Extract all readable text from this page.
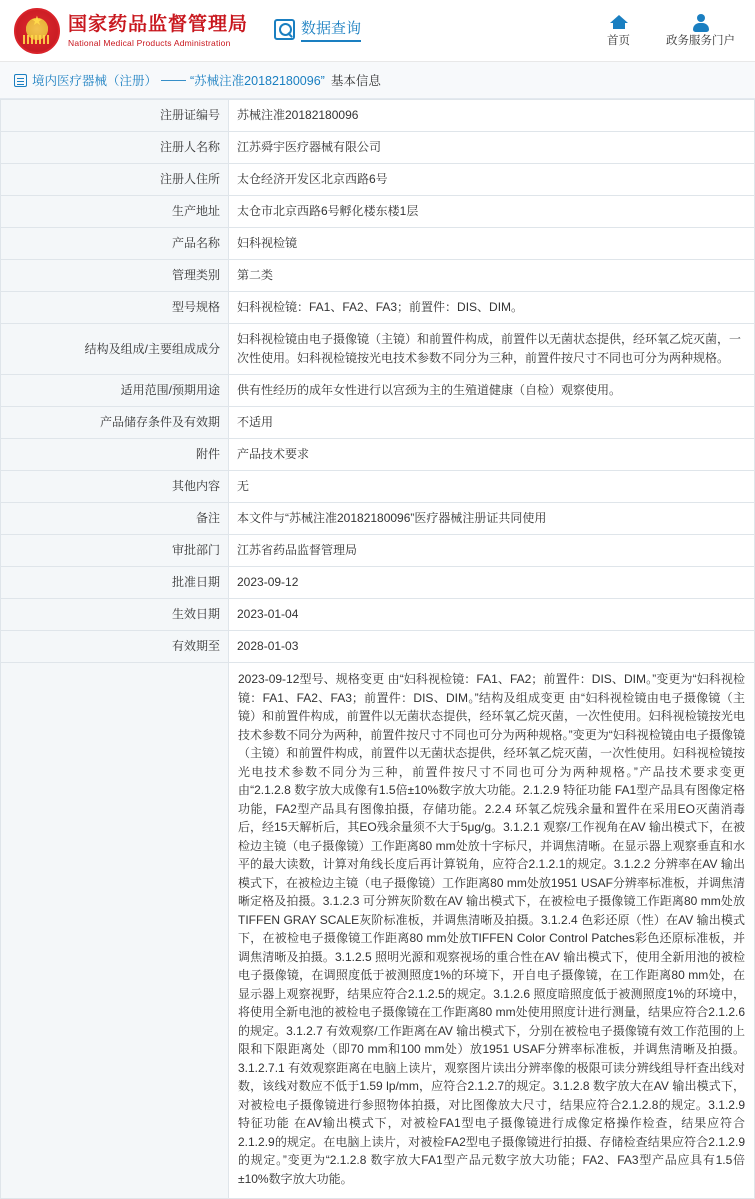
★
国家药品监督管理局
National Medical Products Administration
数据查询
首页	政务服务门户
境内医疗器械（注册） —— “苏械注准20182180096” 基本信息
注册证编号	苏械注准20182180096
注册人名称	江苏舜宇医疗器械有限公司
注册人住所	太仓经济开发区北京西路6号
生产地址	太仓市北京西路6号孵化楼东楼1层
产品名称	妇科视检镜
管理类别	第二类
型号规格	妇科视检镜：FA1、FA2、FA3；前置件：DIS、DIM。
结构及组成/主要组成成分	妇科视检镜由电子摄像镜（主镜）和前置件构成，前置件以无菌状态提供，经环氧乙烷灭菌，一次性使用。妇科视检镜按光电技术参数不同分为三种，前置件按尺寸不同也可分为两种规格。
适用范围/预期用途	供有性经历的成年女性进行以宫颈为主的生殖道健康（自检）观察使用。
产品储存条件及有效期	不适用
附件	产品技术要求
其他内容	无
备注	本文件与“苏械注准20182180096”医疗器械注册证共同使用
审批部门	江苏省药品监督管理局
批准日期	2023-09-12
生效日期	2023-01-04
有效期至	2028-01-03
	2023-09-12型号、规格变更 由“妇科视检镜：FA1、FA2；前置件：DIS、DIM。”变更为“妇科视检镜：FA1、FA2、FA3；前置件：DIS、DIM。”结构及组成变更 由“妇科视检镜由电子摄像镜（主镜）和前置件构成，前置件以无菌状态提供，经环氧乙烷灭菌，一次性使用。妇科视检镜按光电技术参数不同分为两种，前置件按尺寸不同也可分为两种规格。”变更为“妇科视检镜由电子摄像镜（主镜）和前置件构成，前置件以无菌状态提供，经环氧乙烷灭菌，一次性使用。妇科视检镜按光电技术参数不同分为三种，前置件按尺寸不同也可分为两种规格。”产品技术要求变更 由“2.1.2.8 数字放大成像有1.5倍±10%数字放大功能。2.1.2.9 特征功能 FA1型产品具有图像定格功能，FA2型产品具有图像拍摄，存储功能。2.2.4 环氧乙烷残余量和置件在采用EO灭菌消毒后，经15天解析后，其EO残余量须不大于5μg/g。3.1.2.1 观察/工作视角在AV 输出模式下，在被检边主镜（电子摄像镜）工作距离80 mm处放十字标尺，并调焦清晰。在显示器上观察垂直和水平的最大读数，计算对角线长度后再计算锐角，应符合2.1.2.1的规定。3.1.2.2 分辨率在AV 输出模式下，在被检边主镜（电子摄像镜）工作距离80 mm处放1951 USAF分辨率标准板，并调焦清晰定格及拍摄。3.1.2.3 可分辨灰阶数在AV 输出模式下，在被检电子摄像镜工作距离80 mm处放TIFFEN GRAY SCALE灰阶标准板，并调焦清晰及拍摄。3.1.2.4 色彩还原（性）在AV 输出模式下，在被检电子摄像镜工作距离80 mm处放TIFFEN Color Control Patches彩色还原标准板，并调焦清晰及拍摄。3.1.2.5 照明光源和观察视场的重合性在AV 输出模式下，使用全新用池的被检电子摄像镜，在调照度低于被测照度1%的环境下，开自电子摄像镜，在工作距离80 mm处，在显示器上观察视野，结果应符合2.1.2.5的规定。3.1.2.6 照度暗照度低于被测照度1%的环境中，将使用全新电池的被检电子摄像镜在工作距离80 mm处使用照度计进行测量，结果应符合2.1.2.6的规定。3.1.2.7 有效观察/工作距离在AV 输出模式下，分别在被检电子摄像镜有效工作范围的上限和下限距离处（即70 mm和100 mm处）放1951 USAF分辨率标准板，并调焦清晰及拍摄。3.1.2.7.1 有效观察距离在电脑上读片，观察图片读出分辨率像的极限可读分辨线组导杆查出线对数，该线对数应不低于1.59 lp/mm，应符合2.1.2.7的规定。3.1.2.8 数字放大在AV 输出模式下，对被检电子摄像镜进行参照物体拍摄，对比图像放大尺寸，结果应符合2.1.2.8的规定。3.1.2.9 特征功能 在AV输出模式下，对被检FA1型电子摄像镜进行成像定格操作检查，结果应符合2.1.2.9的规定。在电脑上读片，对被检FA2型电子摄像镜进行拍摄、存储检查结果应符合2.1.2.9的规定。”变更为“2.1.2.8 数字放大FA1型产品元数字放大功能；FA2、FA3型产品应具有1.5倍±10%数字放大功能。
